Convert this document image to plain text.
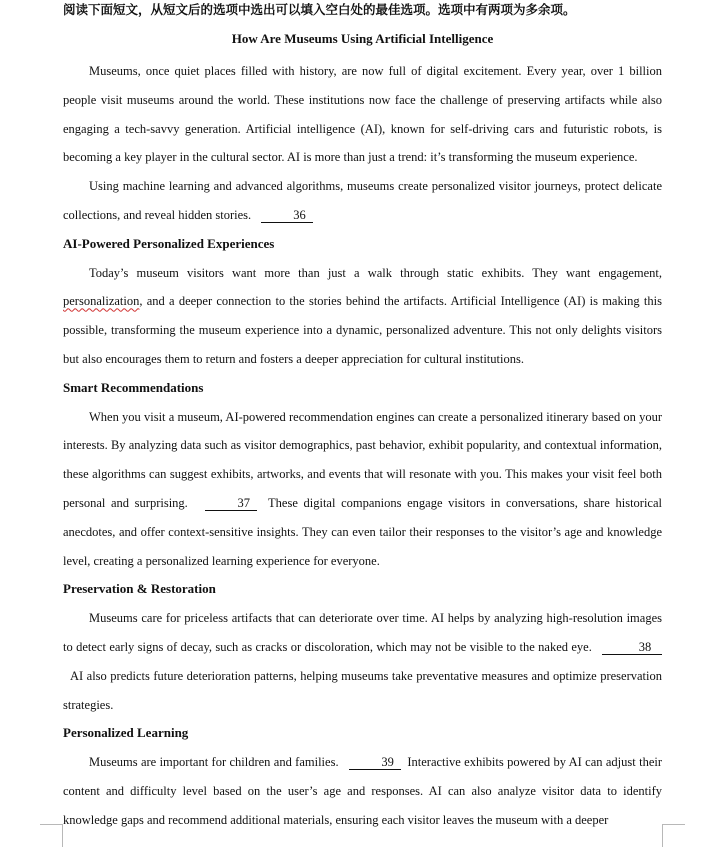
阅读下面短文，从短文后的选项中选出可以填入空白处的最佳选项。选项中有两项为多余项。

How Are Museums Using Artificial Intelligence

Museums, once quiet places filled with history, are now full of digital excitement. Every year, over 1 billion people visit museums around the world. These institutions now face the challenge of preserving artifacts while also engaging a tech-savvy generation. Artificial intelligence (AI), known for self-driving cars and futuristic robots, is becoming a key player in the cultural sector. AI is more than just a trend: it’s transforming the museum experience.

Using machine learning and advanced algorithms, museums create personalized visitor journeys, protect delicate collections, and reveal hidden stories.	36

AI-Powered Personalized Experiences

Today’s museum visitors want more than just a walk through static exhibits. They want engagement, personalization, and a deeper connection to the stories behind the artifacts. Artificial Intelligence (AI) is making this possible, transforming the museum experience into a dynamic, personalized adventure. This not only delights visitors but also encourages them to return and fosters a deeper appreciation for cultural institutions.

Smart Recommendations

When you visit a museum, AI-powered recommendation engines can create a personalized itinerary based on your interests. By analyzing data such as visitor demographics, past behavior, exhibit popularity, and contextual information, these algorithms can suggest exhibits, artworks, and events that will resonate with you. This makes your visit feel both personal and surprising.	37 These digital companions engage visitors in conversations, share historical anecdotes, and offer context-sensitive insights. They can even tailor their responses to the visitor’s age and knowledge level, creating a personalized learning experience for everyone.

Preservation & Restoration

Museums care for priceless artifacts that can deteriorate over time. AI helps by analyzing high-resolution images to detect early signs of decay, such as cracks or discoloration, which may not be visible to the naked eye.	38  AI also predicts future deterioration patterns, helping museums take preventative measures and optimize preservation strategies.

Personalized Learning

Museums are important for children and families.	39 Interactive exhibits powered by AI can adjust their content and difficulty level based on the user’s age and responses. AI can also analyze visitor data to identify knowledge gaps and recommend additional materials, ensuring each visitor leaves the museum with a deeper
